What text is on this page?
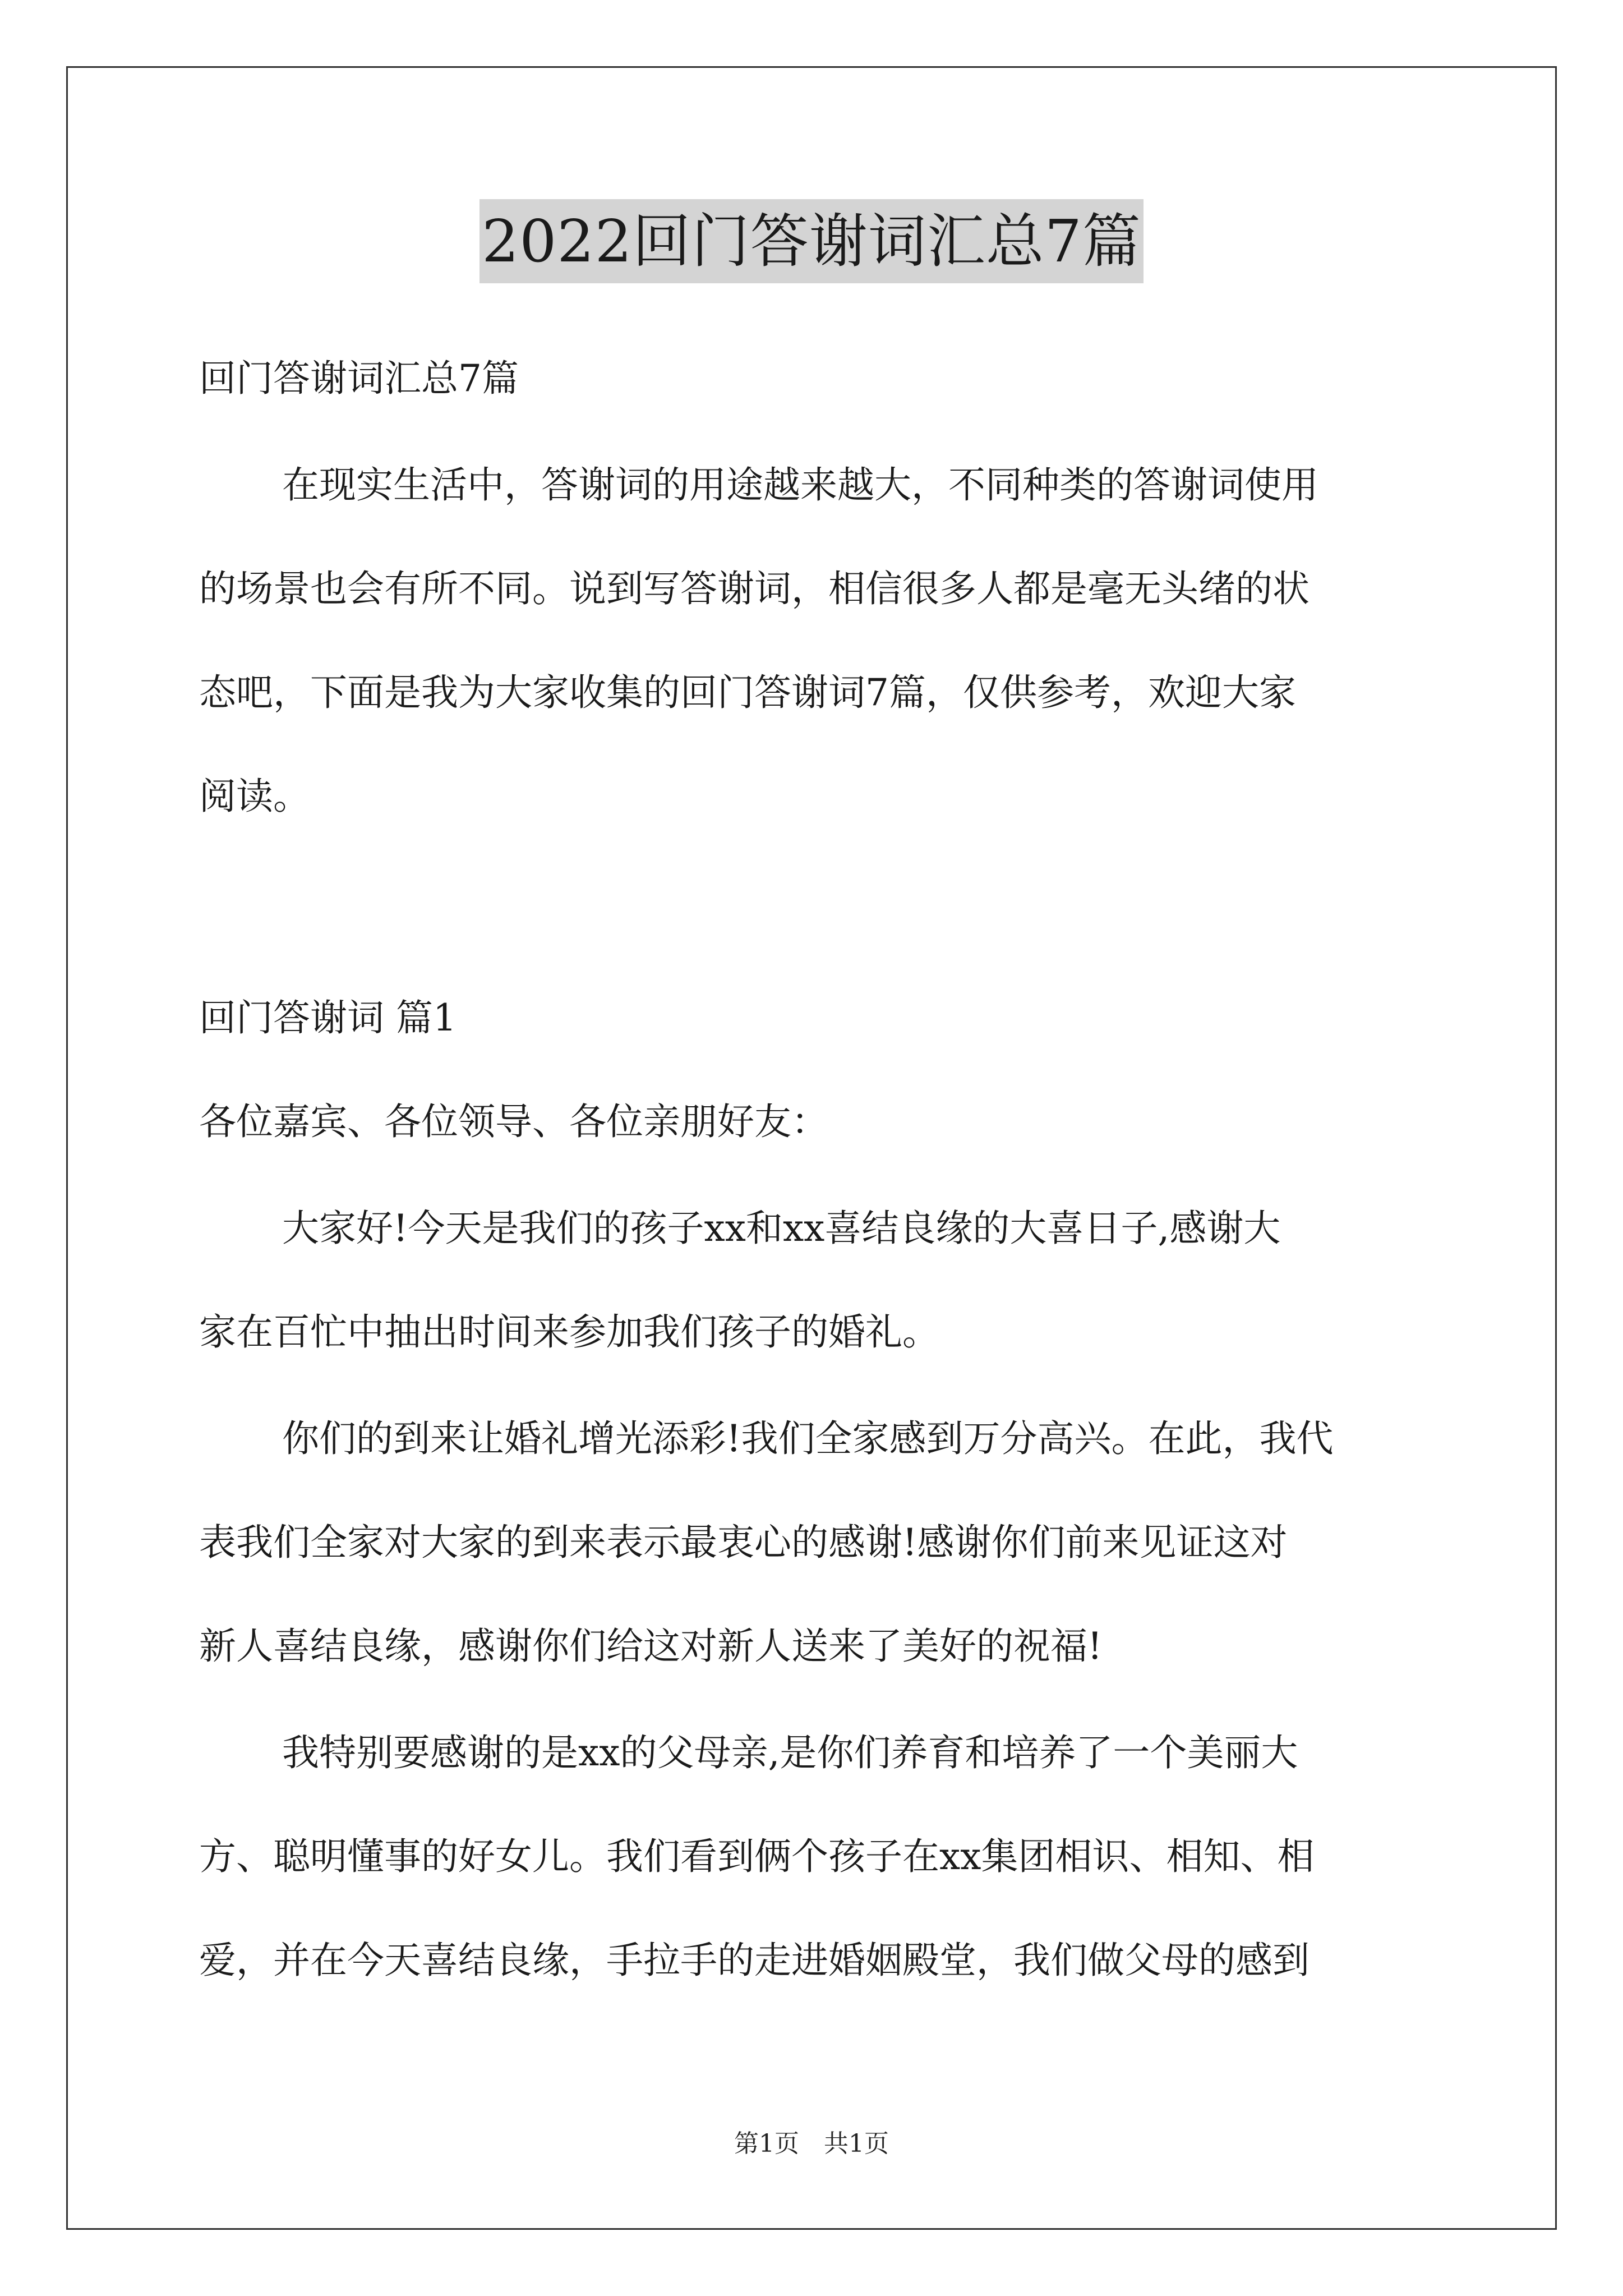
2022回门答谢词汇总7篇
回门答谢词汇总7篇
在现实生活中，答谢词的用途越来越大，不同种类的答谢词使用
的场景也会有所不同。说到写答谢词，相信很多人都是毫无头绪的状
态吧，下面是我为大家收集的回门答谢词7篇，仅供参考，欢迎大家
阅读。
回门答谢词 篇1
各位嘉宾、各位领导、各位亲朋好友：
大家好!今天是我们的孩子xx和xx喜结良缘的大喜日子,感谢大
家在百忙中抽出时间来参加我们孩子的婚礼。
你们的到来让婚礼增光添彩!我们全家感到万分高兴。在此，我代
表我们全家对大家的到来表示最衷心的感谢!感谢你们前来见证这对
新人喜结良缘，感谢你们给这对新人送来了美好的祝福!
我特别要感谢的是xx的父母亲,是你们养育和培养了一个美丽大
方、聪明懂事的好女儿。我们看到俩个孩子在xx集团相识、相知、相
爱，并在今天喜结良缘，手拉手的走进婚姻殿堂，我们做父母的感到
第1页　共1页
